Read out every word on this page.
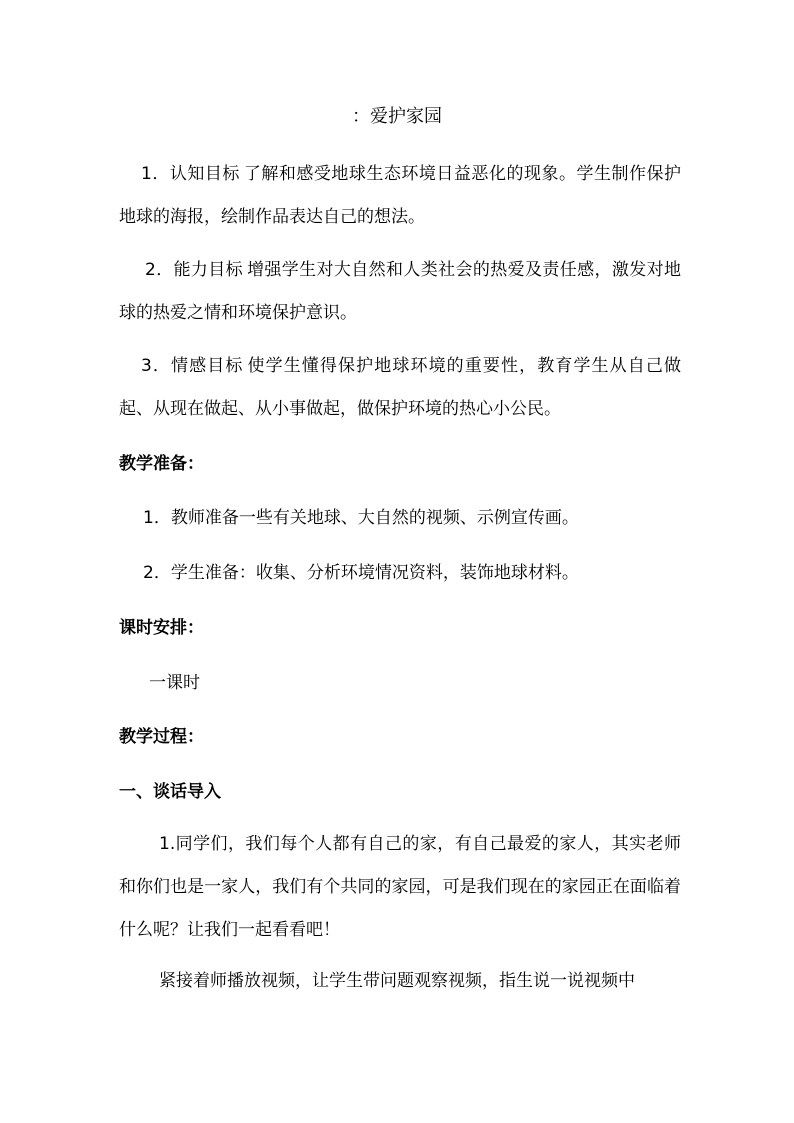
：爱护家园
1．认知目标 了解和感受地球生态环境日益恶化的现象。学生制作保护地球的海报，绘制作品表达自己的想法。
2．能力目标 增强学生对大自然和人类社会的热爱及责任感，激发对地球的热爱之情和环境保护意识。
3．情感目标 使学生懂得保护地球环境的重要性，教育学生从自己做起、从现在做起、从小事做起，做保护环境的热心小公民。
教学准备：
1．教师准备一些有关地球、大自然的视频、示例宣传画。
2．学生准备：收集、分析环境情况资料，装饰地球材料。
课时安排：
一课时
教学过程：
一、谈话导入
1.同学们，我们每个人都有自己的家，有自己最爱的家人，其实老师和你们也是一家人，我们有个共同的家园，可是我们现在的家园正在面临着什么呢？让我们一起看看吧！
紧接着师播放视频，让学生带问题观察视频，指生说一说视频中
